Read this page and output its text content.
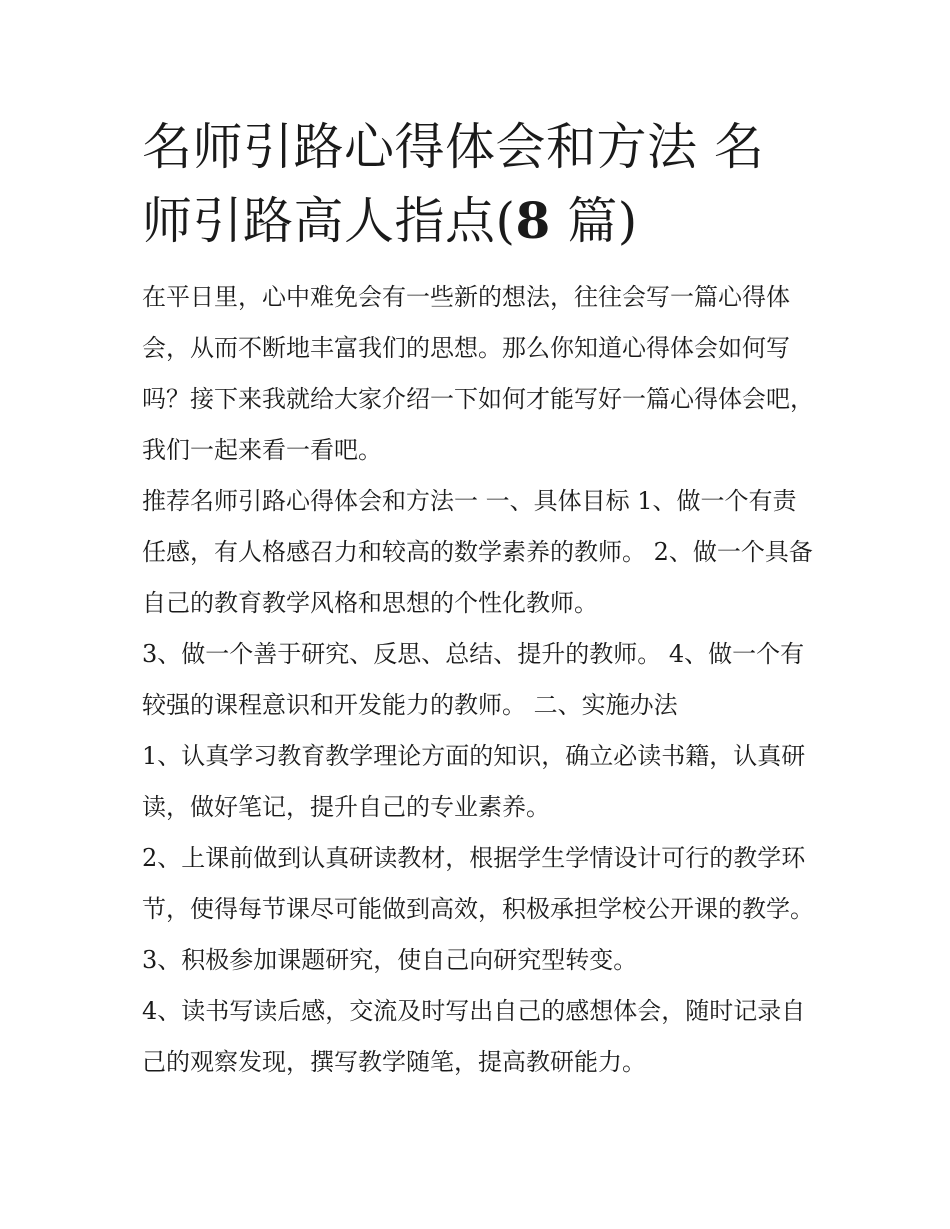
名师引路心得体会和方法 名师引路高人指点(8 篇)

在平日里，心中难免会有一些新的想法，往往会写一篇心得体会，从而不断地丰富我们的思想。那么你知道心得体会如何写吗？接下来我就给大家介绍一下如何才能写好一篇心得体会吧，我们一起来看一看吧。

推荐名师引路心得体会和方法一 一、具体目标 1、做一个有责任感，有人格感召力和较高的数学素养的教师。 2、做一个具备自己的教育教学风格和思想的个性化教师。

3、做一个善于研究、反思、总结、提升的教师。 4、做一个有较强的课程意识和开发能力的教师。 二、实施办法

1、认真学习教育教学理论方面的知识，确立必读书籍，认真研读，做好笔记，提升自己的专业素养。

2、上课前做到认真研读教材，根据学生学情设计可行的教学环节，使得每节课尽可能做到高效，积极承担学校公开课的教学。 3、积极参加课题研究，使自己向研究型转变。

4、读书写读后感，交流及时写出自己的感想体会，随时记录自己的观察发现，撰写教学随笔，提高教研能力。
